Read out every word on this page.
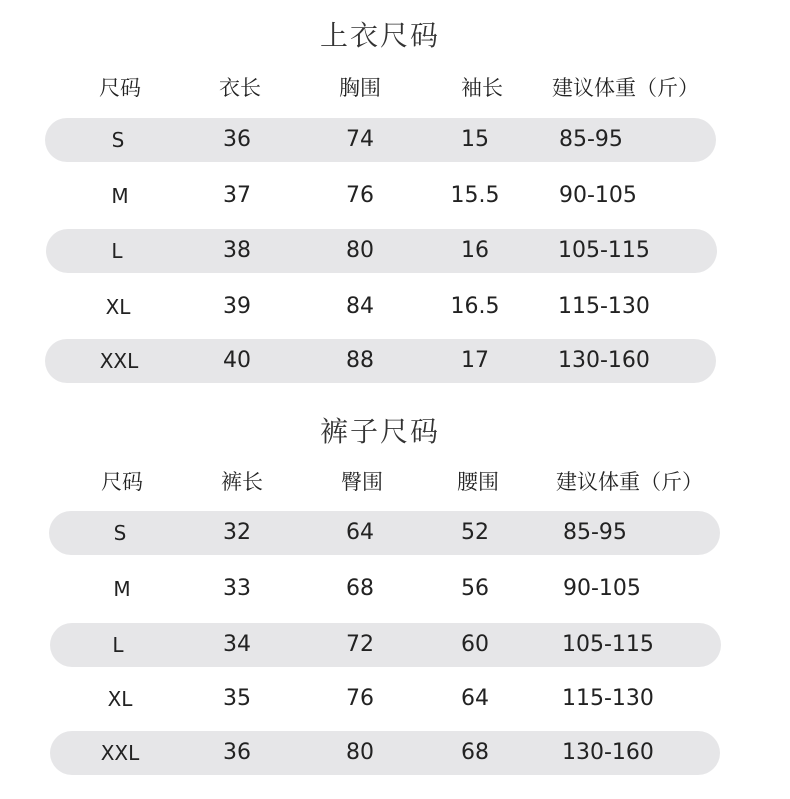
上衣尺码
尺码	衣长	胸围	袖长	建议体重（斤）
S	36	74	15	85-95
M	37	76	15.5	90-105
L	38	80	16	105-115
XL	39	84	16.5	115-130
XXL	40	88	17	130-160
裤子尺码
尺码	裤长	臀围	腰围	建议体重（斤）
S	32	64	52	85-95
M	33	68	56	90-105
L	34	72	60	105-115
XL	35	76	64	115-130
XXL	36	80	68	130-160
